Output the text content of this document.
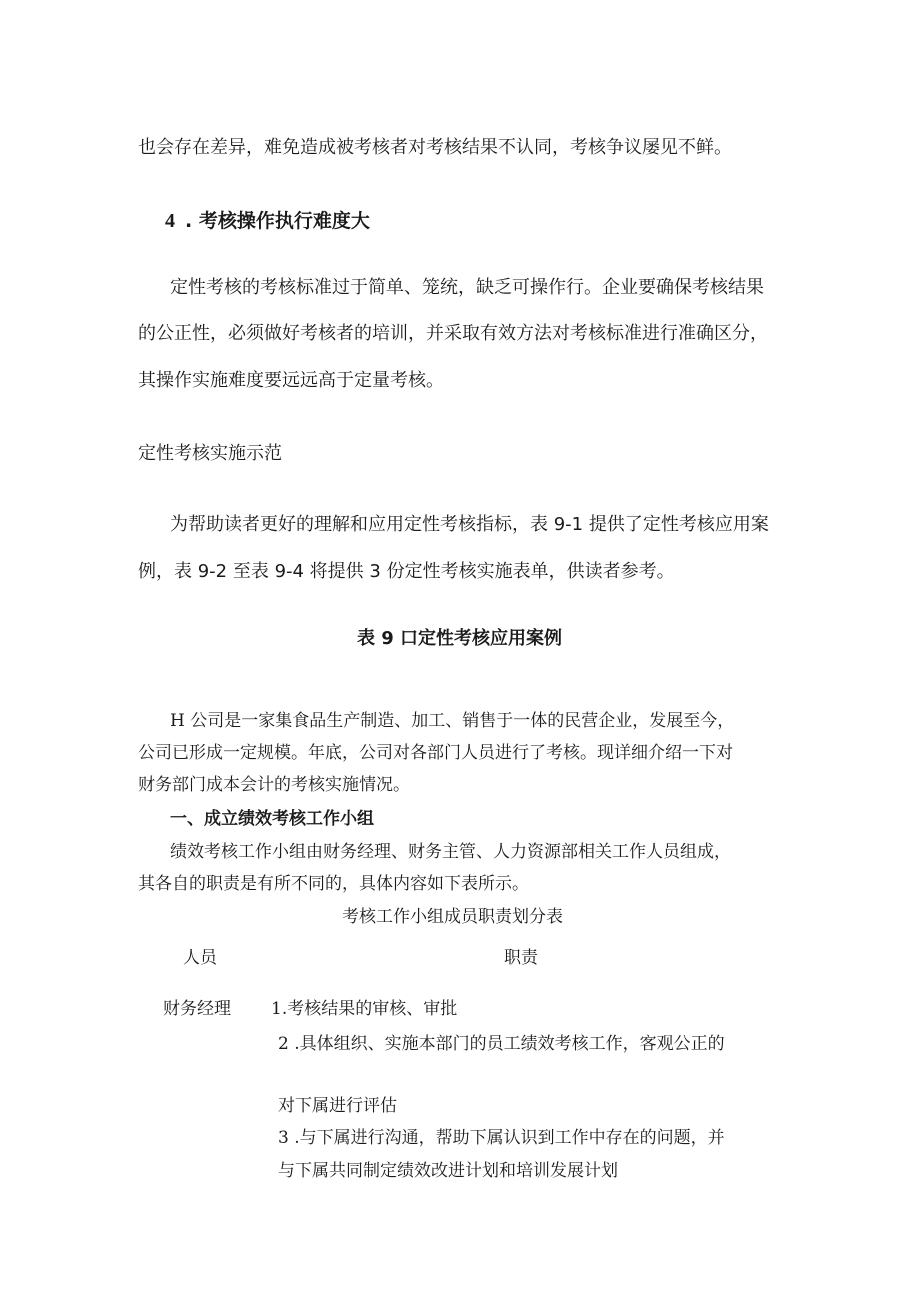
也会存在差异，难免造成被考核者对考核结果不认同，考核争议屡见不鲜。
4 . 考核操作执行难度大
定性考核的考核标准过于简单、笼统，缺乏可操作行。企业要确保考核结果
的公正性，必须做好考核者的培训，并采取有效方法对考核标准进行准确区分，
其操作实施难度要远远高于定量考核。
定性考核实施示范
为帮助读者更好的理解和应用定性考核指标，表 9-1 提供了定性考核应用案
例，表 9-2 至表 9-4 将提供 3 份定性考核实施表单，供读者参考。
表 9 口定性考核应用案例
H 公司是一家集食品生产制造、加工、销售于一体的民营企业，发展至今，
公司已形成一定规模。年底，公司对各部门人员进行了考核。现详细介绍一下对
财务部门成本会计的考核实施情况。
一、成立绩效考核工作小组
绩效考核工作小组由财务经理、财务主管、人力资源部相关工作人员组成，
其各自的职责是有所不同的，具体内容如下表所示。
考核工作小组成员职责划分表
人员	职责
财务经理 1.考核结果的审核、审批
2 .具体组织、实施本部门的员工绩效考核工作，客观公正的
对下属进行评估
3 .与下属进行沟通，帮助下属认识到工作中存在的问题，并
与下属共同制定绩效改进计划和培训发展计划
